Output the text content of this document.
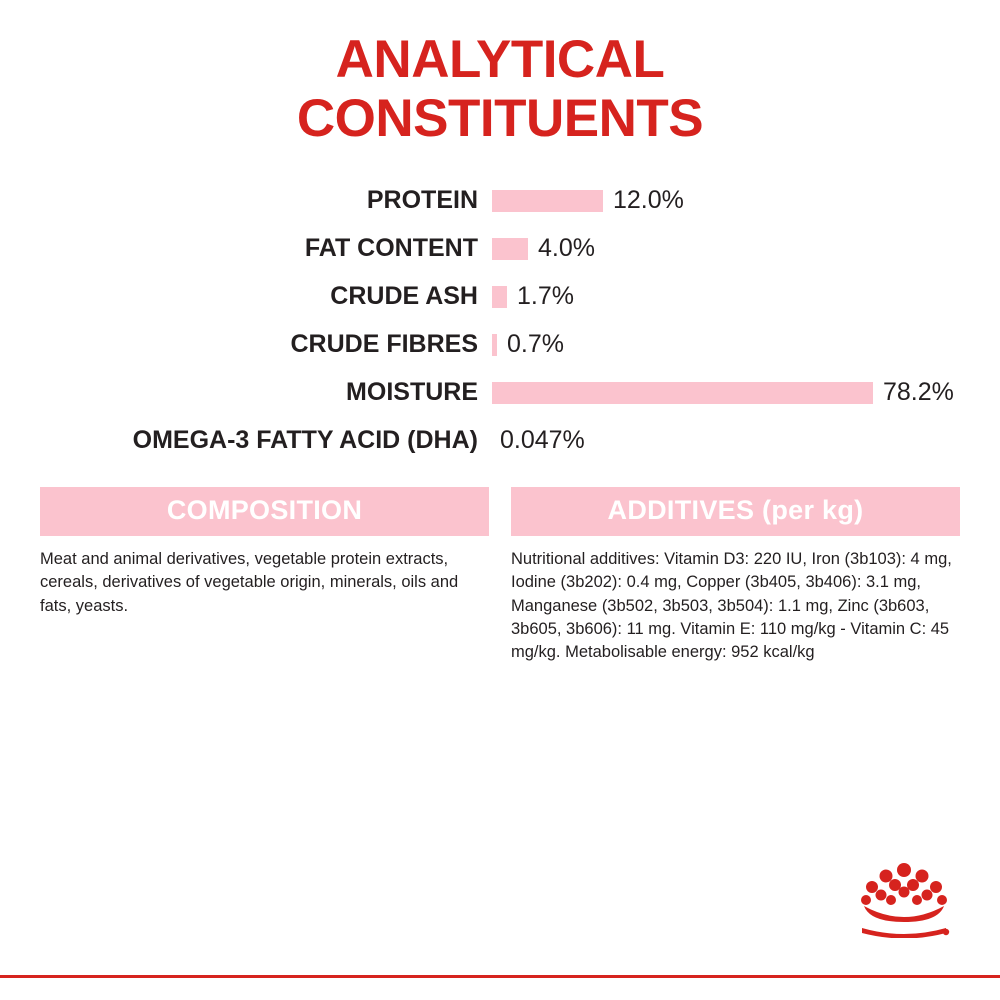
ANALYTICAL
CONSTITUENTS
PROTEIN	12.0%
FAT CONTENT	4.0%
CRUDE ASH	1.7%
CRUDE FIBRES	0.7%
MOISTURE	78.2%
OMEGA-3 FATTY ACID (DHA) 0.047%
COMPOSITION
Meat and animal derivatives, vegetable protein extracts, cereals, derivatives of vegetable origin, minerals, oils and fats, yeasts.
ADDITIVES (per kg)
Nutritional additives: Vitamin D3: 220 IU, Iron (3b103): 4 mg, Iodine (3b202): 0.4 mg, Copper (3b405, 3b406): 3.1 mg, Manganese (3b502, 3b503, 3b504): 1.1 mg, Zinc (3b603, 3b605, 3b606): 11 mg. Vitamin E: 110 mg/kg - Vitamin C: 45 mg/kg. Metabolisable energy: 952 kcal/kg
